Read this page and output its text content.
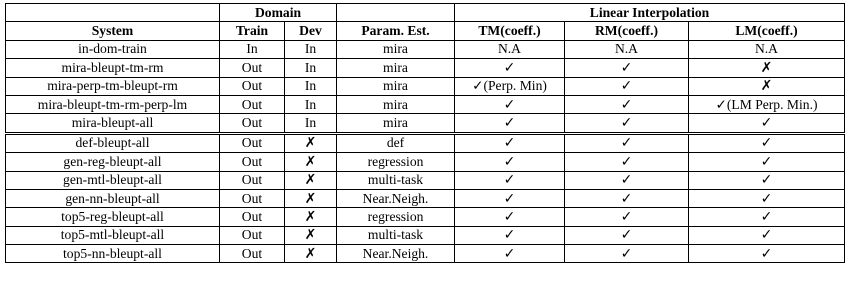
	Domain			Linear Interpolation		
System	Train	Dev	Param. Est.	TM(coeff.)	RM(coeff.)	LM(coeff.)
in-dom-train	In	In	mira	N.A	N.A	N.A
mira-bleupt-tm-rm	Out	In	mira	✓	✓	✗
mira-perp-tm-bleupt-rm	Out	In	mira	✓(Perp. Min)	✓	✗
mira-bleupt-tm-rm-perp-lm	Out	In	mira	✓	✓	✓(LM Perp. Min.)
mira-bleupt-all	Out	In	mira	✓	✓	✓
def-bleupt-all	Out	✗	def	✓	✓	✓
gen-reg-bleupt-all	Out	✗	regression	✓	✓	✓
gen-mtl-bleupt-all	Out	✗	multi-task	✓	✓	✓
gen-nn-bleupt-all	Out	✗	Near.Neigh.	✓	✓	✓
top5-reg-bleupt-all	Out	✗	regression	✓	✓	✓
top5-mtl-bleupt-all	Out	✗	multi-task	✓	✓	✓
top5-nn-bleupt-all	Out	✗	Near.Neigh.	✓	✓	✓
